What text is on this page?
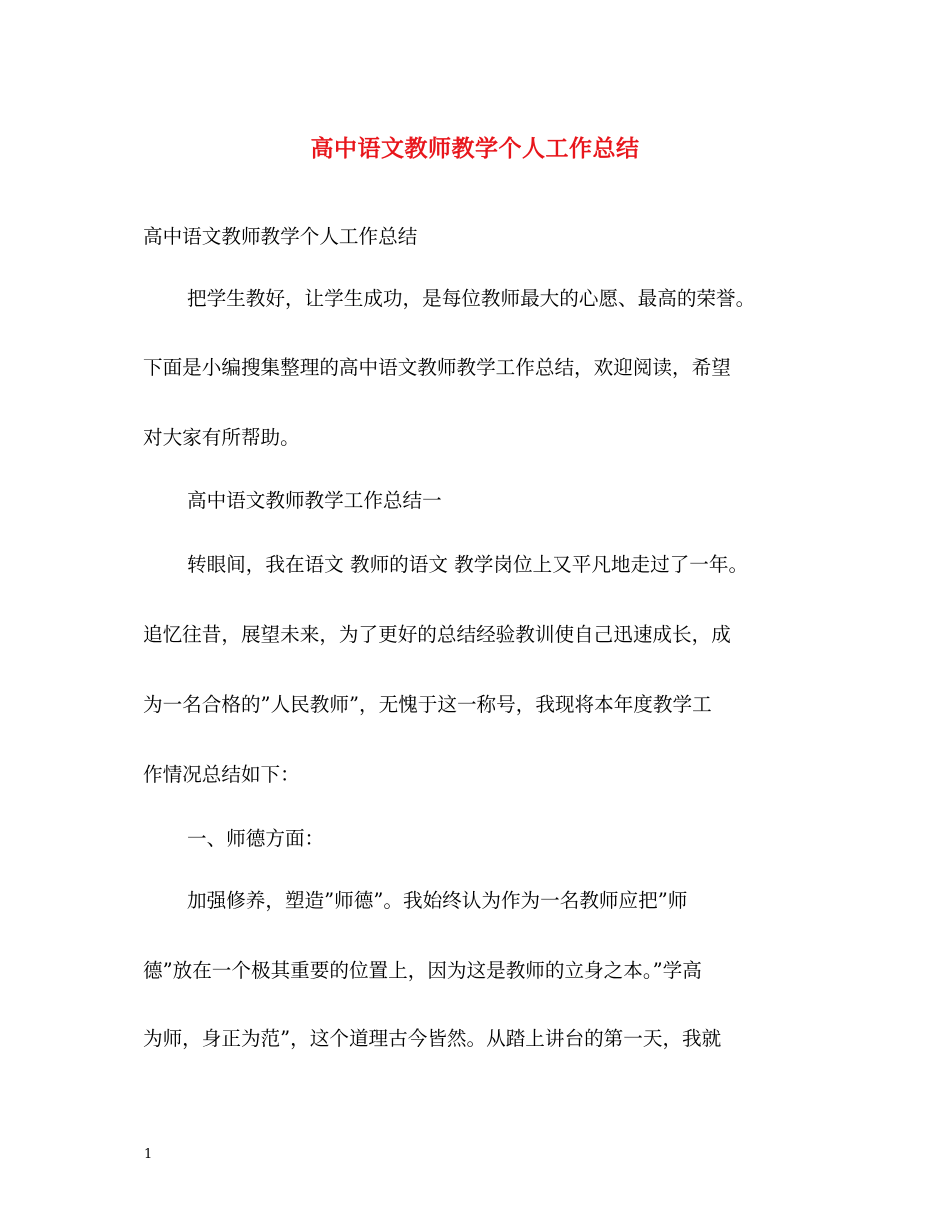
高中语文教师教学个人工作总结
高中语文教师教学个人工作总结
把学生教好，让学生成功，是每位教师最大的心愿、最高的荣誉。
下面是小编搜集整理的高中语文教师教学工作总结，欢迎阅读，希望
对大家有所帮助。
高中语文教师教学工作总结一
转眼间，我在语文 教师的语文 教学岗位上又平凡地走过了一年。
追忆往昔，展望未来，为了更好的总结经验教训使自己迅速成长，成
为一名合格的”人民教师”，无愧于这一称号，我现将本年度教学工
作情况总结如下：
一、师德方面：
加强修养，塑造”师德”。我始终认为作为一名教师应把”师
德”放在一个极其重要的位置上，因为这是教师的立身之本。”学高
为师，身正为范”，这个道理古今皆然。从踏上讲台的第一天，我就
1
